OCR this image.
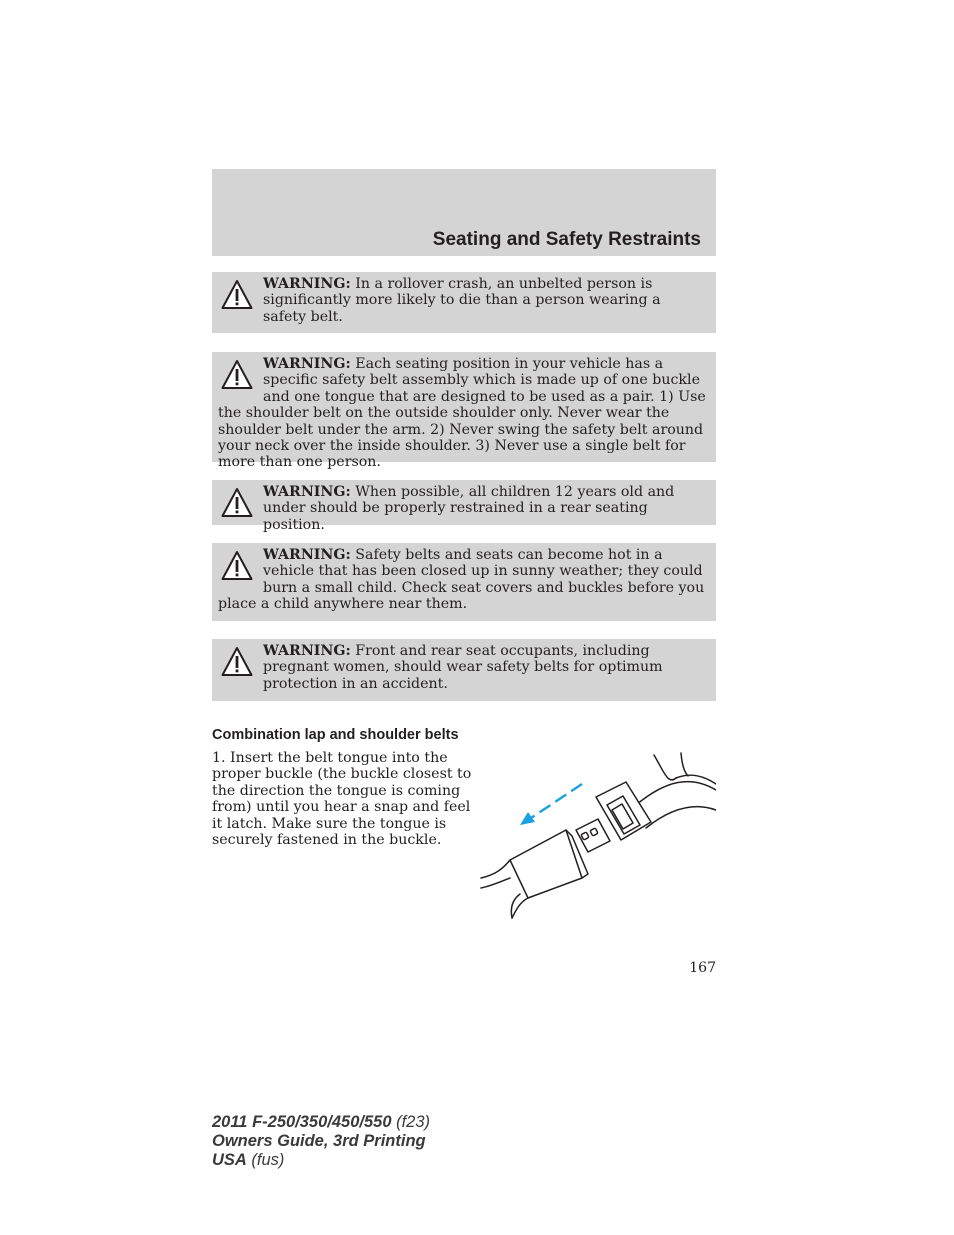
Seating and Safety Restraints
WARNING: In a rollover crash, an unbelted person is significantly more likely to die than a person wearing a safety belt.
WARNING: Each seating position in your vehicle has a specific safety belt assembly which is made up of one buckle and one tongue that are designed to be used as a pair. 1) Use the shoulder belt on the outside shoulder only. Never wear the shoulder belt under the arm. 2) Never swing the safety belt around your neck over the inside shoulder. 3) Never use a single belt for more than one person.
WARNING: When possible, all children 12 years old and under should be properly restrained in a rear seating position.
WARNING: Safety belts and seats can become hot in a vehicle that has been closed up in sunny weather; they could burn a small child. Check seat covers and buckles before you place a child anywhere near them.
WARNING: Front and rear seat occupants, including pregnant women, should wear safety belts for optimum protection in an accident.
Combination lap and shoulder belts
1. Insert the belt tongue into the proper buckle (the buckle closest to the direction the tongue is coming from) until you hear a snap and feel it latch. Make sure the tongue is securely fastened in the buckle.
167
2011 F-250/350/450/550 (f23)
Owners Guide, 3rd Printing
USA (fus)
